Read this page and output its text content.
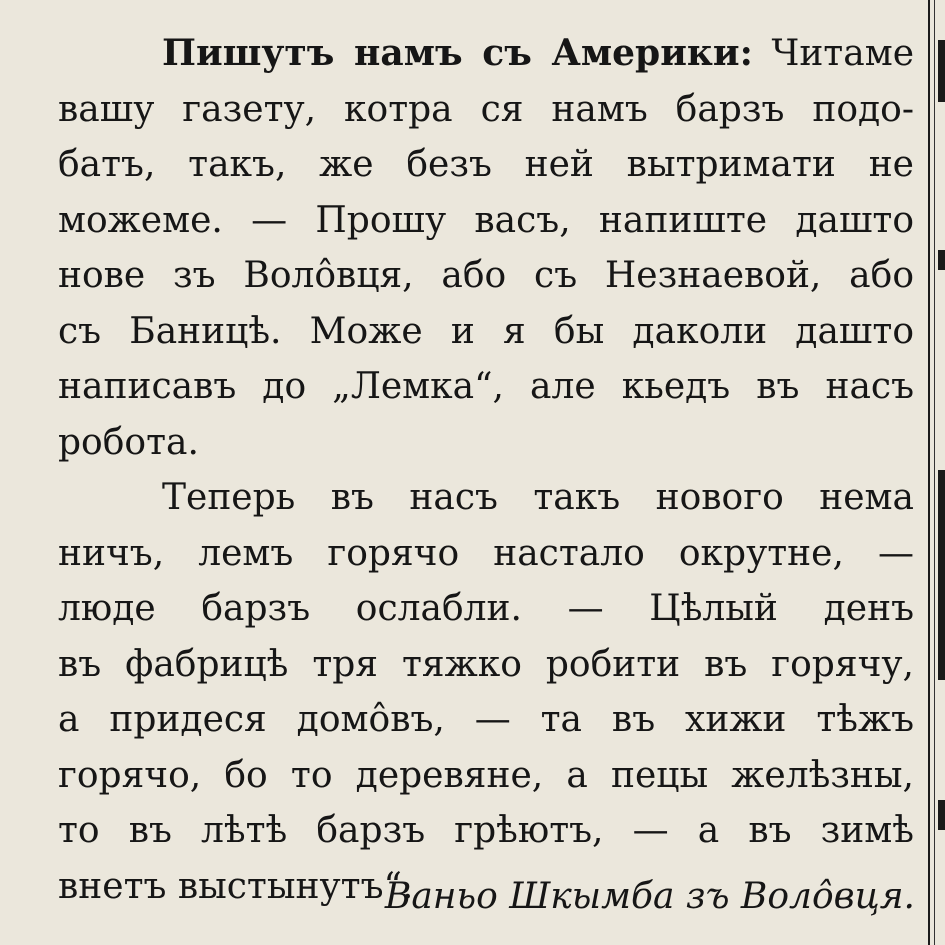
Пишутъ намъ съ Америки: Читаме
вашу газету, котра ся намъ барзъ подо-
батъ, такъ, же безъ ней вытримати не
можеме. — Прошу васъ, напиште дашто
нове зъ Волôвця, або съ Незнаевой, або
съ Баницѣ. Може и я бы даколи дашто
написавъ до „Лемка“, але кьедъ въ насъ
робота.
Теперь въ насъ такъ нового нема
ничъ, лемъ горячо настало окрутне, —
люде барзъ ослабли. — Цѣлый денъ
въ фабрицѣ тря тяжко робити въ горячу,
а придеся домôвъ, — та въ хижи тѣжъ
горячо, бо то деревяне, а пецы желѣзны,
то въ лѣтѣ барзъ грѣютъ, — а въ зимѣ
внетъ выстынутъ“.
Ваньо Шкымба зъ Волôвця.
